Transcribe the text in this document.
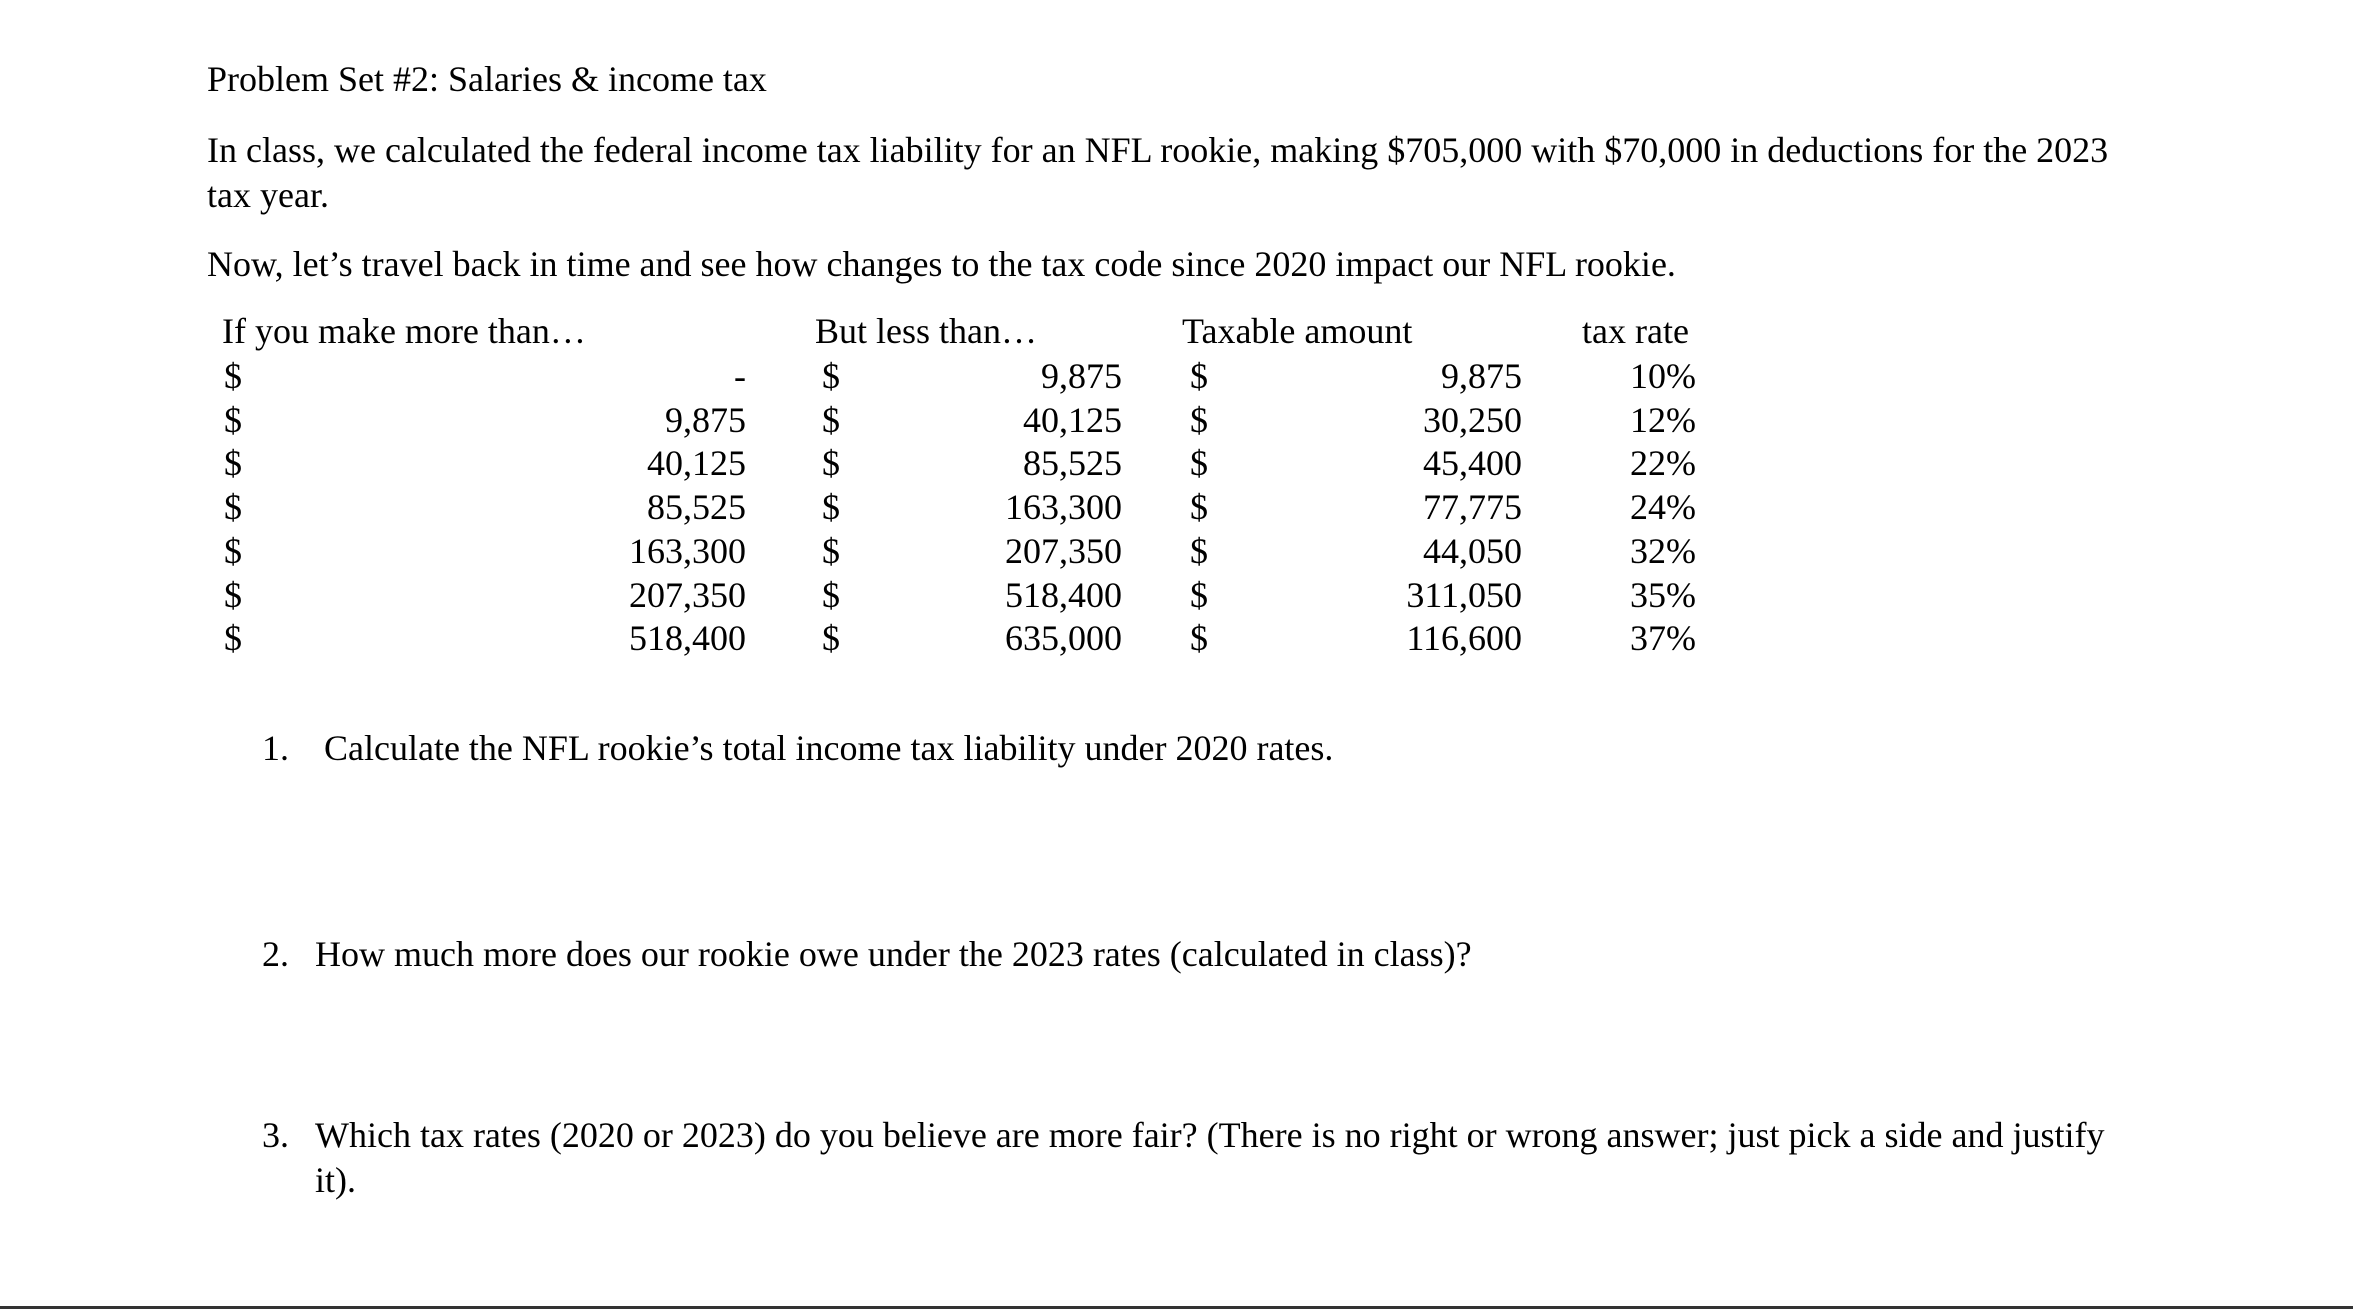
Problem Set #2: Salaries & income tax
In class, we calculated the federal income tax liability for an NFL rookie, making $705,000 with $70,000 in deductions for the 2023
tax year.
Now, let’s travel back in time and see how changes to the tax code since 2020 impact our NFL rookie.
If you make more than…	But less than…	Taxable amount	tax rate
$	- $	9,875 $	9,875	10%
$	9,875 $	40,125 $	30,250	12%
$	40,125 $	85,525 $	45,400	22%
$	85,525 $	163,300 $	77,775	24%
$	163,300 $	207,350 $	44,050	32%
$	207,350 $	518,400 $	311,050	35%
$	518,400 $	635,000 $	116,600	37%
1. Calculate the NFL rookie’s total income tax liability under 2020 rates.
2. How much more does our rookie owe under the 2023 rates (calculated in class)?
3. Which tax rates (2020 or 2023) do you believe are more fair? (There is no right or wrong answer; just pick a side and justify
it).
